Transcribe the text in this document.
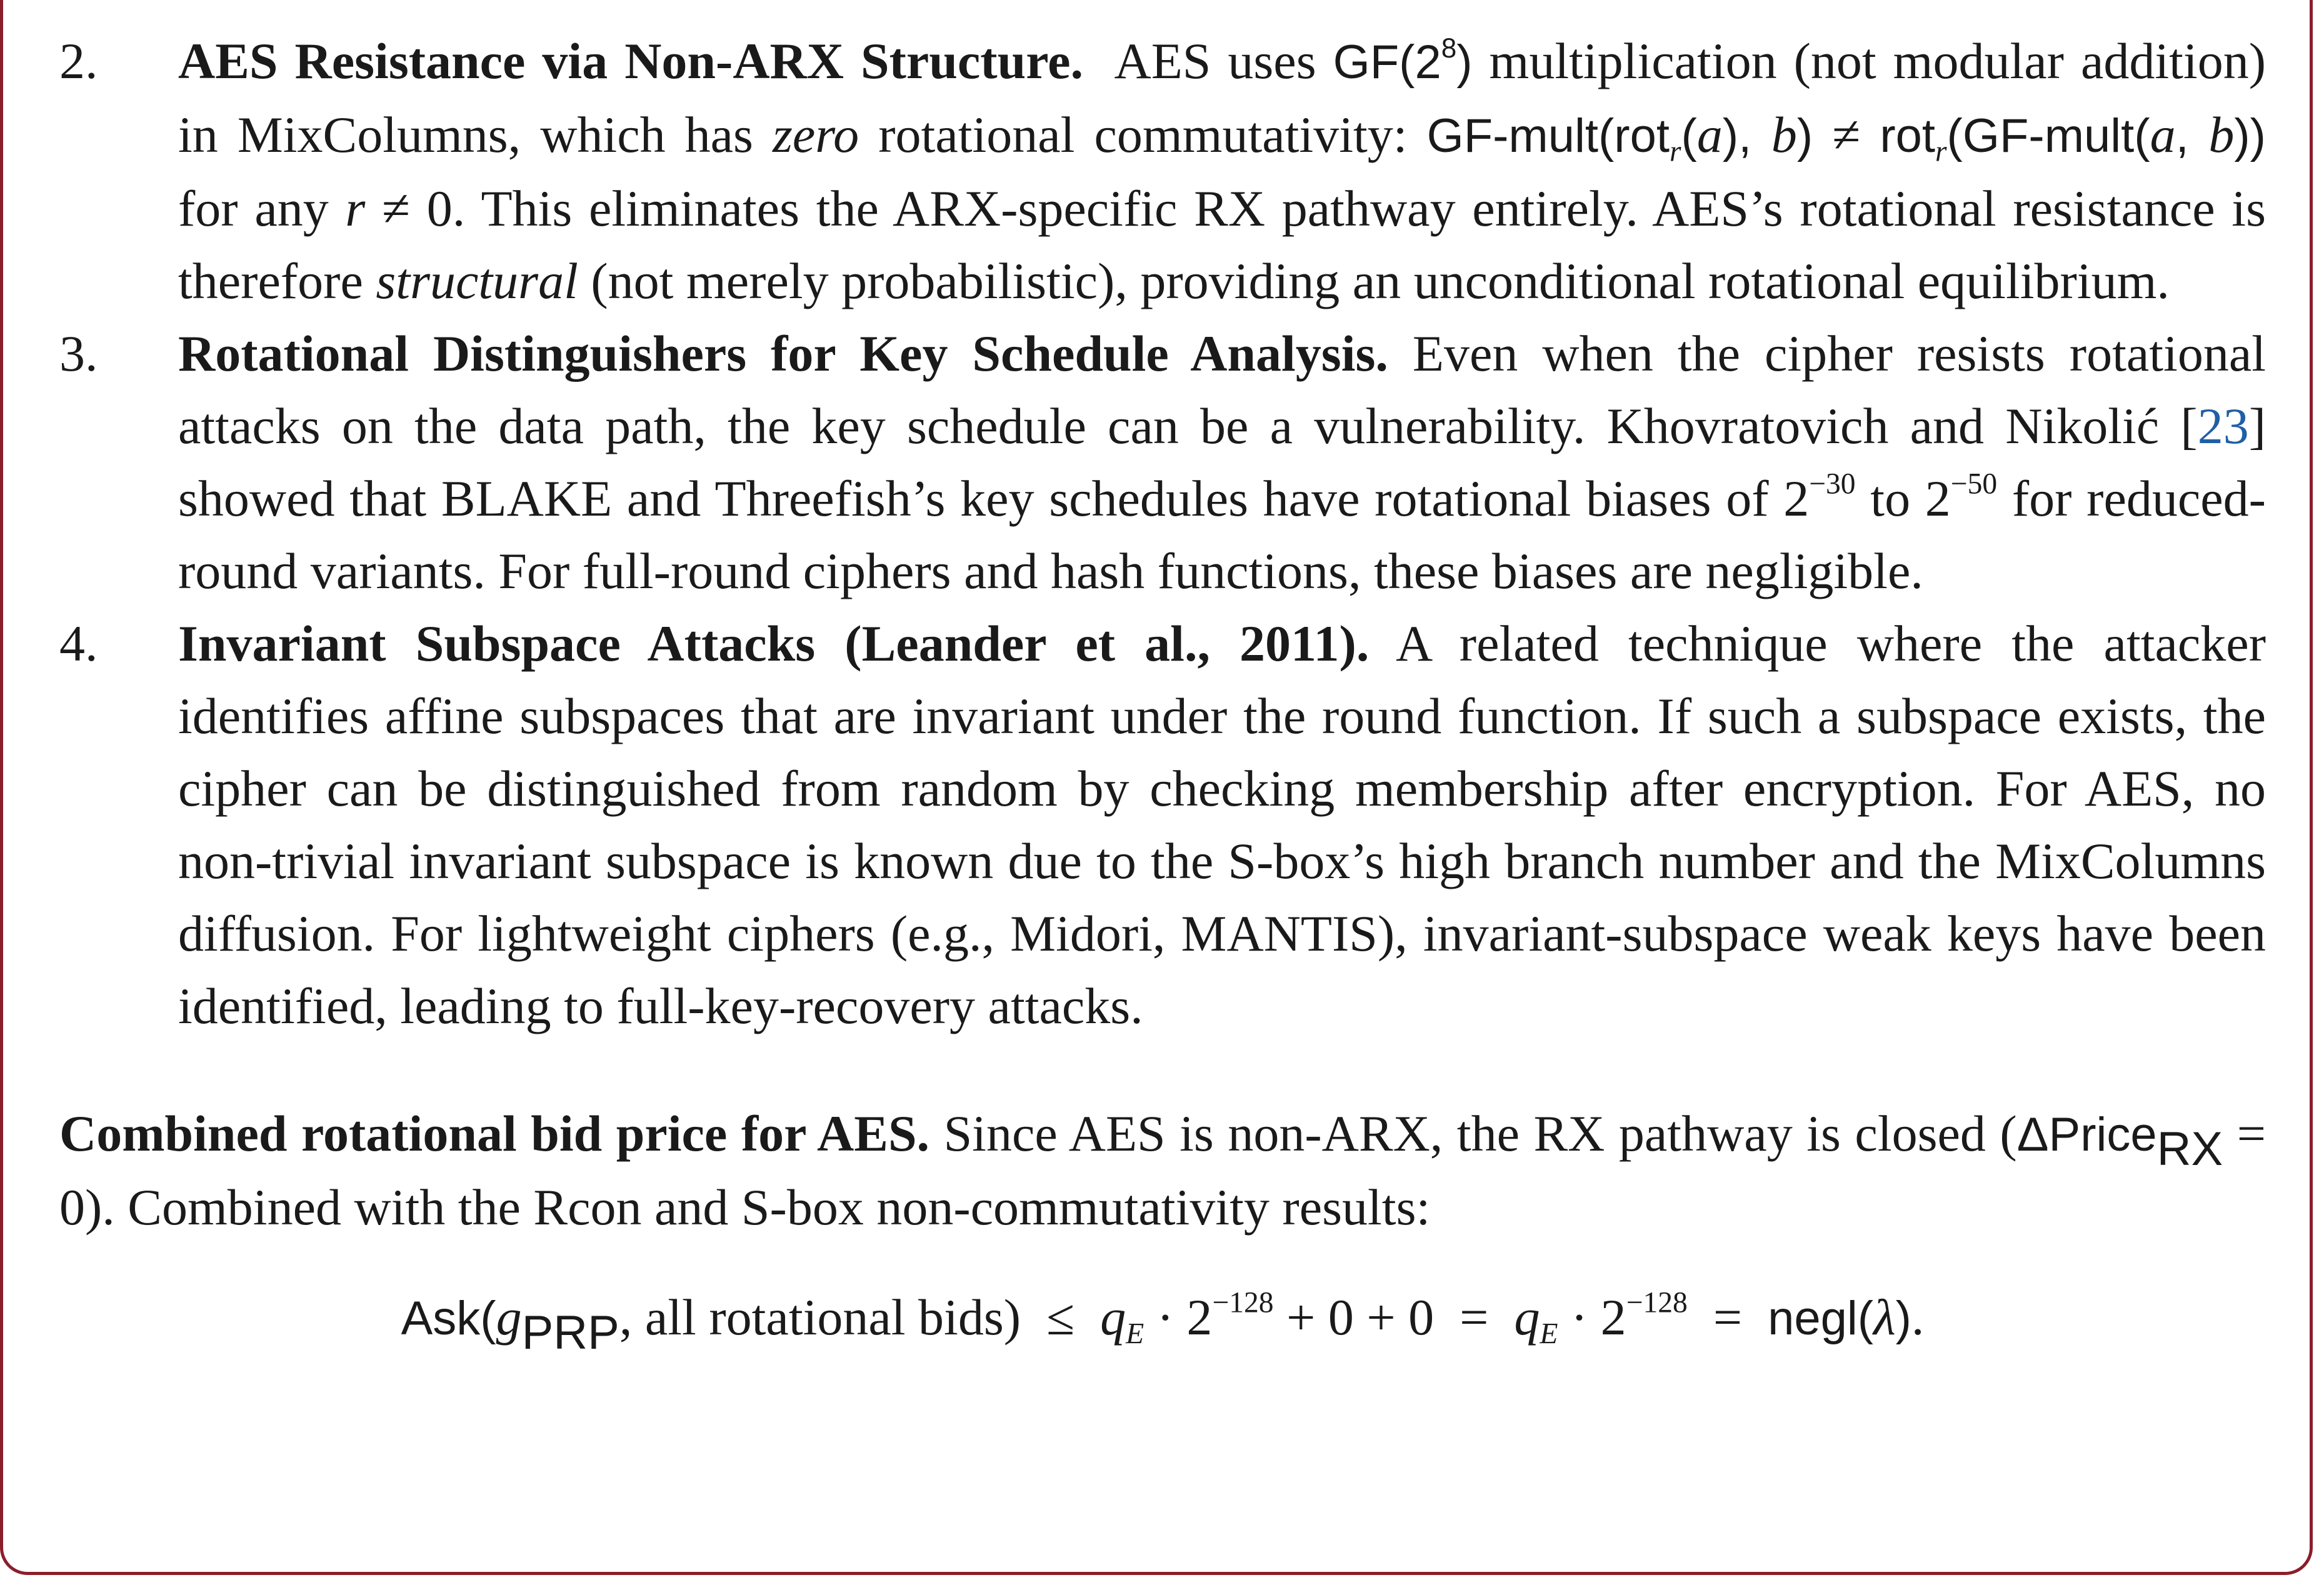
2.	AES Resistance via Non-ARX Structure. AES uses $GF(2^8)$ multiplication (not modular addition) in MixColumns, which has zero rotational commutativity: GF-mult(rot$_r$(a), b) ≠ rot$_r$(GF-mult(a, b)) for any r ≠ 0. This eliminates the ARX-specific RX pathway entirely. AES’s rotational resistance is therefore structural (not merely probabilistic), providing an unconditional rotational equilibrium.
3.	Rotational Distinguishers for Key Schedule Analysis. Even when the cipher resists rotational attacks on the data path, the key schedule can be a vulnerability. Khovratovich and Nikolić [23] showed that BLAKE and Threefish’s key schedules have rotational biases of $2^{-30}$ to $2^{-50}$ for reduced-round variants. For full-round ciphers and hash functions, these biases are negligible.
4.	Invariant Subspace Attacks (Leander et al., 2011). A related technique where the attacker identifies affine subspaces that are invariant under the round function. If such a subspace exists, the cipher can be distinguished from random by checking membership after encryption. For AES, no non-trivial invariant subspace is known due to the S-box’s high branch number and the MixColumns diffusion. For lightweight ciphers (e.g., Midori, MANTIS), invariant-subspace weak keys have been identified, leading to full-key-recovery attacks.
Combined rotational bid price for AES. Since AES is non-ARX, the RX pathway is closed (ΔPrice$_{RX}$ = 0). Combined with the Rcon and S-box non-commutativity results:
$Ask(g_{PRP}$, all rotational bids)  ≤  $q_E \cdot 2^{-128} + 0 + 0 = q_E \cdot 2^{-128}$  =  negl(λ).
